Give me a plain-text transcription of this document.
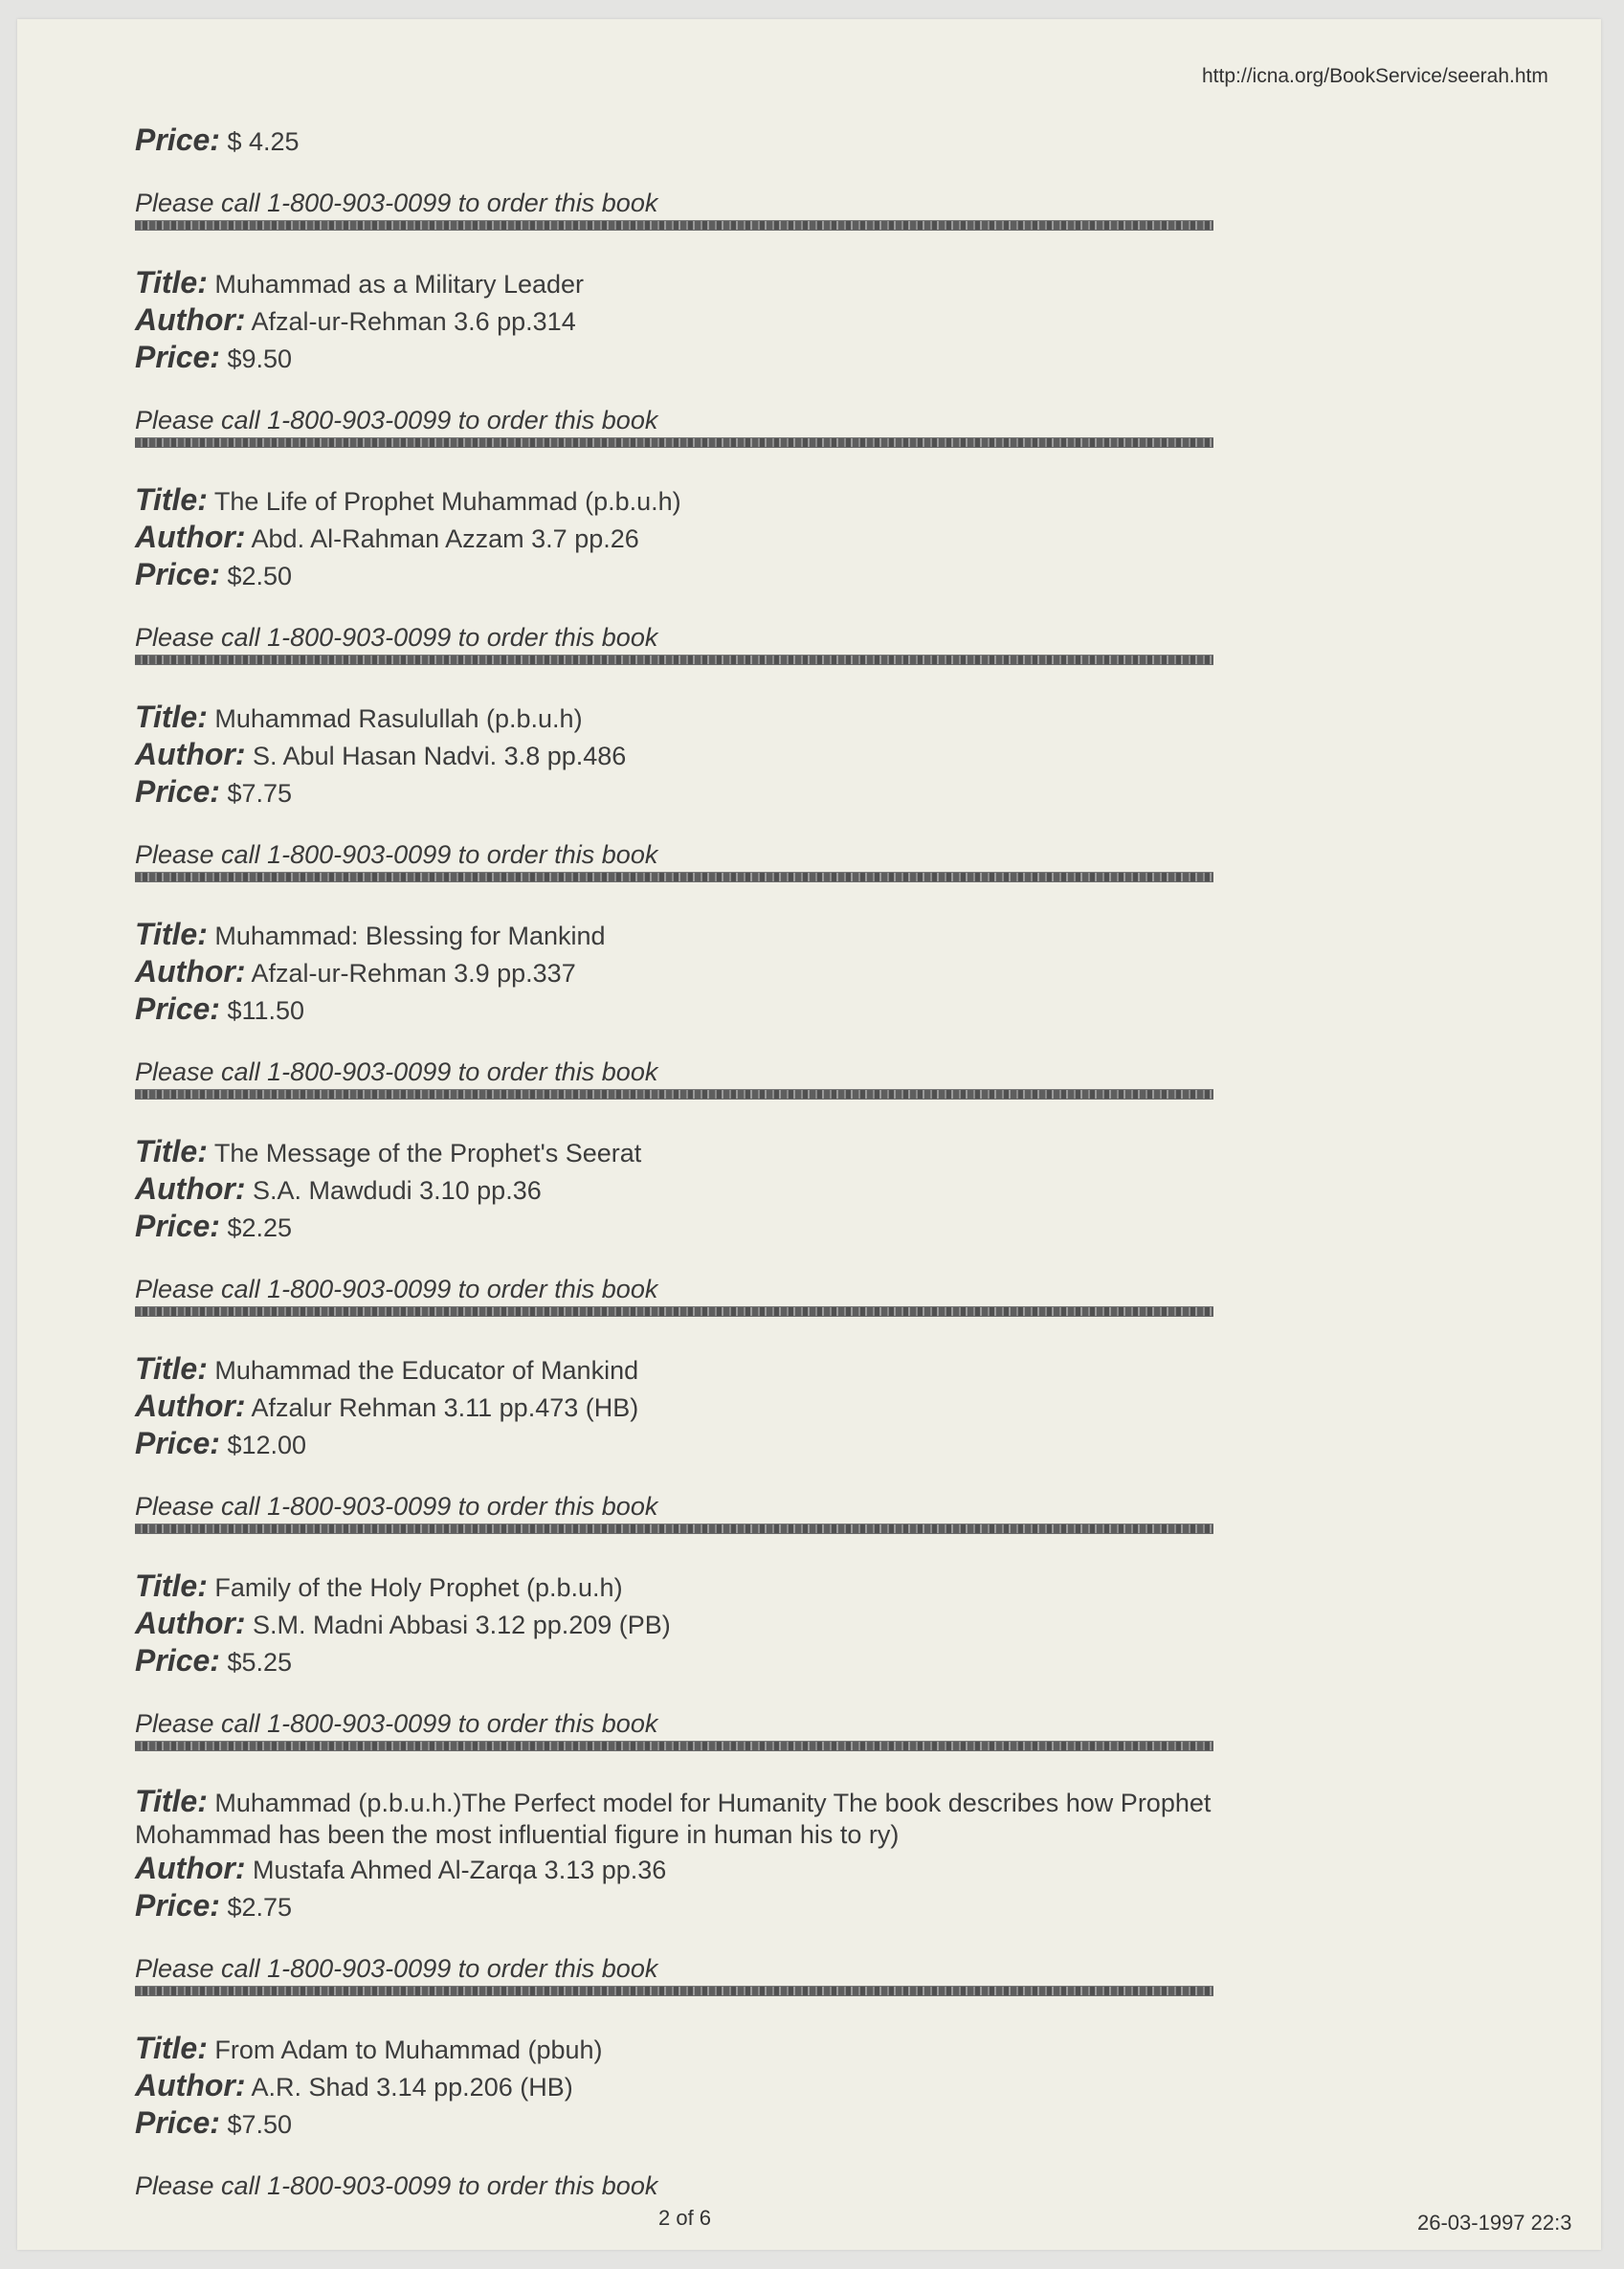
http://icna.org/BookService/seerah.htm
Price: $ 4.25
Please call 1-800-903-0099 to order this book
Title: Muhammad as a Military Leader
Author: Afzal-ur-Rehman 3.6 pp.314
Price: $9.50
Please call 1-800-903-0099 to order this book
Title: The Life of Prophet Muhammad (p.b.u.h)
Author: Abd. Al-Rahman Azzam 3.7 pp.26
Price: $2.50
Please call 1-800-903-0099 to order this book
Title: Muhammad Rasulullah (p.b.u.h)
Author: S. Abul Hasan Nadvi. 3.8 pp.486
Price: $7.75
Please call 1-800-903-0099 to order this book
Title: Muhammad: Blessing for Mankind
Author: Afzal-ur-Rehman 3.9 pp.337
Price: $11.50
Please call 1-800-903-0099 to order this book
Title: The Message of the Prophet's Seerat
Author: S.A. Mawdudi 3.10 pp.36
Price: $2.25
Please call 1-800-903-0099 to order this book
Title: Muhammad the Educator of Mankind
Author: Afzalur Rehman 3.11 pp.473 (HB)
Price: $12.00
Please call 1-800-903-0099 to order this book
Title: Family of the Holy Prophet (p.b.u.h)
Author: S.M. Madni Abbasi 3.12 pp.209 (PB)
Price: $5.25
Please call 1-800-903-0099 to order this book
Title: Muhammad (p.b.u.h.)The Perfect model for Humanity The book describes how Prophet Mohammad has been the most influential figure in human his to ry)
Author: Mustafa Ahmed Al-Zarqa 3.13 pp.36
Price: $2.75
Please call 1-800-903-0099 to order this book
Title: From Adam to Muhammad (pbuh)
Author: A.R. Shad 3.14 pp.206 (HB)
Price: $7.50
Please call 1-800-903-0099 to order this book
2 of 6	26-03-1997 22:3
